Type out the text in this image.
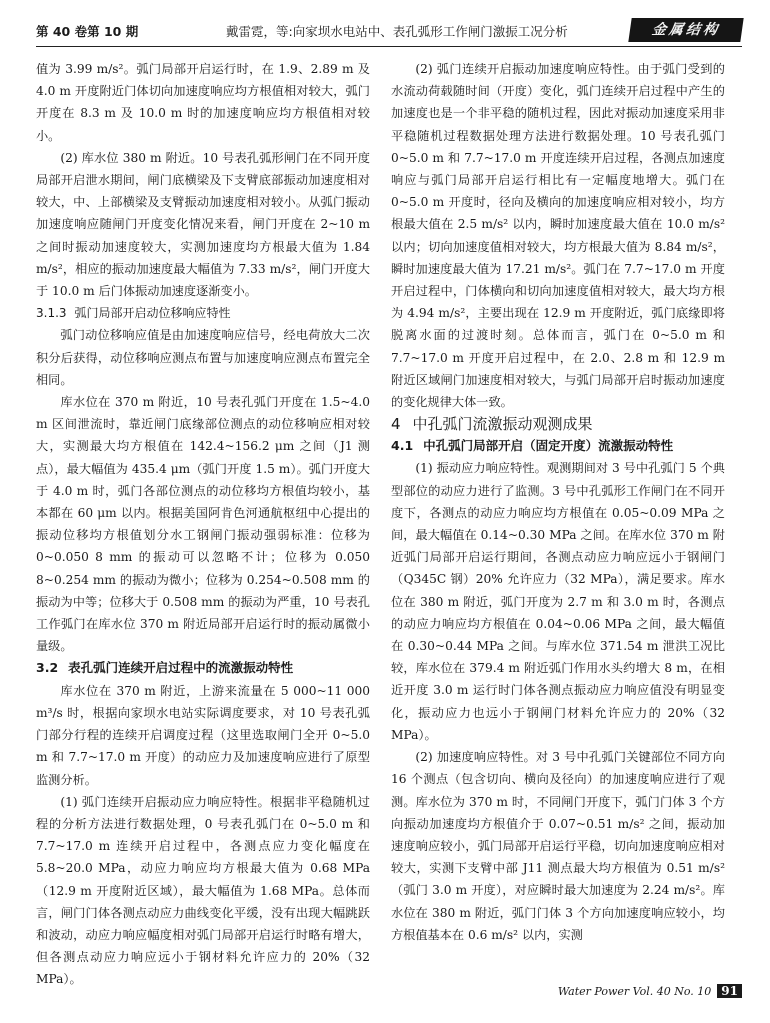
第 40 卷第 10 期	戴雷霓，等:向家坝水电站中、表孔弧形工作闸门激振工况分析	金属结构

值为 3.99 m/s²。弧门局部开启运行时，在 1.9、2.89 m 及 4.0 m 开度附近门体切向加速度响应均方根值相对较大，弧门开度在 8.3 m 及 10.0 m 时的加速度响应均方根值相对较小。

(2) 库水位 380 m 附近。10 号表孔弧形闸门在不同开度局部开启泄水期间，闸门底横梁及下支臂底部振动加速度相对较大，中、上部横梁及支臂振动加速度相对较小。从弧门振动加速度响应随闸门开度变化情况来看，闸门开度在 2~10 m 之间时振动加速度较大，实测加速度均方根最大值为 1.84 m/s²，相应的振动加速度最大幅值为 7.33 m/s²，闸门开度大于 10.0 m 后门体振动加速度逐渐变小。

3.1.3 弧门局部开启动位移响应特性

弧门动位移响应值是由加速度响应信号，经电荷放大二次积分后获得，动位移响应测点布置与加速度响应测点布置完全相同。

库水位在 370 m 附近，10 号表孔弧门开度在 1.5~4.0 m 区间泄流时，靠近闸门底缘部位测点的动位移响应相对较大，实测最大均方根值在 142.4~156.2 μm 之间（J1 测点），最大幅值为 435.4 μm（弧门开度 1.5 m）。弧门开度大于 4.0 m 时，弧门各部位测点的动位移均方根值均较小，基本都在 60 μm 以内。根据美国阿肯色河通航枢纽中心提出的振动位移均方根值划分水工钢闸门振动强弱标准：位移为 0~0.050 8 mm 的振动可以忽略不计；位移为 0.050 8~0.254 mm 的振动为微小；位移为 0.254~0.508 mm 的振动为中等；位移大于 0.508 mm 的振动为严重，10 号表孔工作弧门在库水位 370 m 附近局部开启运行时的振动属微小量级。

3.2 表孔弧门连续开启过程中的流激振动特性

库水位在 370 m 附近，上游来流量在 5 000~11 000 m³/s 时，根据向家坝水电站实际调度要求，对 10 号表孔弧门部分行程的连续开启调度过程（这里选取闸门全开 0~5.0 m 和 7.7~17.0 m 开度）的动应力及加速度响应进行了原型监测分析。

(1) 弧门连续开启振动应力响应特性。根据非平稳随机过程的分析方法进行数据处理，0 号表孔弧门在 0~5.0 m 和 7.7~17.0 m 连续开启过程中，各测点应力变化幅度在 5.8~20.0 MPa，动应力响应均方根最大值为 0.68 MPa（12.9 m 开度附近区域），最大幅值为 1.68 MPa。总体而言，闸门门体各测点动应力曲线变化平缓，没有出现大幅跳跃和波动，动应力响应幅度相对弧门局部开启运行时略有增大，但各测点动应力响应远小于钢材料允许应力的 20%（32 MPa）。

(2) 弧门连续开启振动加速度响应特性。由于弧门受到的水流动荷载随时间（开度）变化，弧门连续开启过程中产生的加速度也是一个非平稳的随机过程，因此对振动加速度采用非平稳随机过程数据处理方法进行数据处理。10 号表孔弧门 0~5.0 m 和 7.7~17.0 m 开度连续开启过程，各测点加速度响应与弧门局部开启运行相比有一定幅度地增大。弧门在 0~5.0 m 开度时，径向及横向的加速度响应相对较小，均方根最大值在 2.5 m/s² 以内，瞬时加速度最大值在 10.0 m/s² 以内；切向加速度值相对较大，均方根最大值为 8.84 m/s²，瞬时加速度最大值为 17.21 m/s²。弧门在 7.7~17.0 m 开度开启过程中，门体横向和切向加速度值相对较大，最大均方根为 4.94 m/s²，主要出现在 12.9 m 开度附近，弧门底缘即将脱离水面的过渡时刻。总体而言，弧门在 0~5.0 m 和 7.7~17.0 m 开度开启过程中，在 2.0、2.8 m 和 12.9 m 附近区域闸门加速度相对较大，与弧门局部开启时振动加速度的变化规律大体一致。

4 中孔弧门流激振动观测成果

4.1 中孔弧门局部开启（固定开度）流激振动特性

(1) 振动应力响应特性。观测期间对 3 号中孔弧门 5 个典型部位的动应力进行了监测。3 号中孔弧形工作闸门在不同开度下，各测点的动应力响应均方根值在 0.05~0.09 MPa 之间，最大幅值在 0.14~0.30 MPa 之间。在库水位 370 m 附近弧门局部开启运行期间，各测点动应力响应远小于钢闸门（Q345C 钢）20% 允许应力（32 MPa），满足要求。库水位在 380 m 附近，弧门开度为 2.7 m 和 3.0 m 时，各测点的动应力响应均方根值在 0.04~0.06 MPa 之间，最大幅值在 0.30~0.44 MPa 之间。与库水位 371.54 m 泄洪工况比较，库水位在 379.4 m 附近弧门作用水头约增大 8 m，在相近开度 3.0 m 运行时门体各测点振动应力响应值没有明显变化，振动应力也远小于钢闸门材料允许应力的 20%（32 MPa）。

(2) 加速度响应特性。对 3 号中孔弧门关键部位不同方向 16 个测点（包含切向、横向及径向）的加速度响应进行了观测。库水位为 370 m 时，不同闸门开度下，弧门门体 3 个方向振动加速度均方根值介于 0.07~0.51 m/s² 之间，振动加速度响应较小，弧门局部开启运行平稳，切向加速度响应相对较大，实测下支臂中部 J11 测点最大均方根值为 0.51 m/s²（弧门 3.0 m 开度），对应瞬时最大加速度为 2.24 m/s²。库水位在 380 m 附近，弧门门体 3 个方向加速度响应较小，均方根值基本在 0.6 m/s² 以内，实测

Water Power Vol. 40 No. 10 91
